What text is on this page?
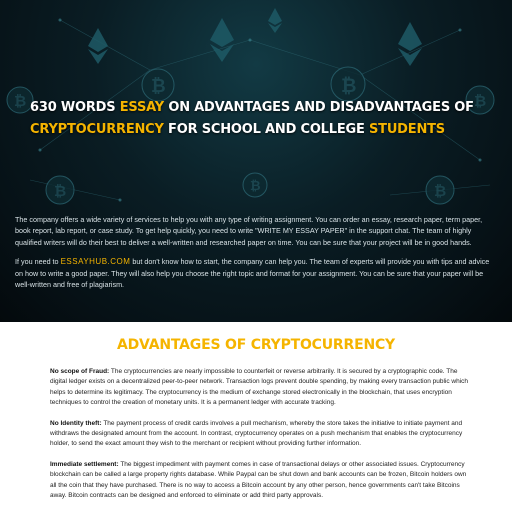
₿	₿
₿	₿
₿	₿
₿
630 WORDS ESSAY ON ADVANTAGES AND DISADVANTAGES OF CRYPTOCURRENCY FOR SCHOOL AND COLLEGE STUDENTS

The company offers a wide variety of services to help you with any type of writing assignment. You can order an essay, research paper, term paper, book report, lab report, or case study. To get help quickly, you need to write "WRITE MY ESSAY PAPER" in the support chat. The team of highly qualified writers will do their best to deliver a well-written and researched paper on time. You can be sure that your project will be in good hands.

If you need to ESSAYHUB.COM but don't know how to start, the company can help you. The team of experts will provide you with tips and advice on how to write a good paper. They will also help you choose the right topic and format for your assignment. You can be sure that your paper will be well-written and free of plagiarism.

ADVANTAGES OF CRYPTOCURRENCY

No scope of Fraud: The cryptocurrencies are nearly impossible to counterfeit or reverse arbitrarily. It is secured by a cryptographic code. The digital ledger exists on a decentralized peer-to-peer network. Transaction logs prevent double spending, by making every transaction public which helps to determine its legitimacy. The cryptocurrency is the medium of exchange stored electronically in the blockchain, that uses encryption techniques to control the creation of monetary units. It is a permanent ledger with accurate tracking.

No Identity theft: The payment process of credit cards involves a pull mechanism, whereby the store takes the initiative to initiate payment and withdraws the designated amount from the account. In contrast, cryptocurrency operates on a push mechanism that enables the cryptocurrency holder, to send the exact amount they wish to the merchant or recipient without providing further information.

Immediate settlement: The biggest impediment with payment comes in case of transactional delays or other associated issues. Cryptocurrency blockchain can be called a large property rights database. While Paypal can be shut down and bank accounts can be frozen, Bitcoin holders own all the coin that they have purchased. There is no way to access a Bitcoin account by any other person, hence governments can't take Bitcoins away. Bitcoin contracts can be designed and enforced to eliminate or add third party approvals.
